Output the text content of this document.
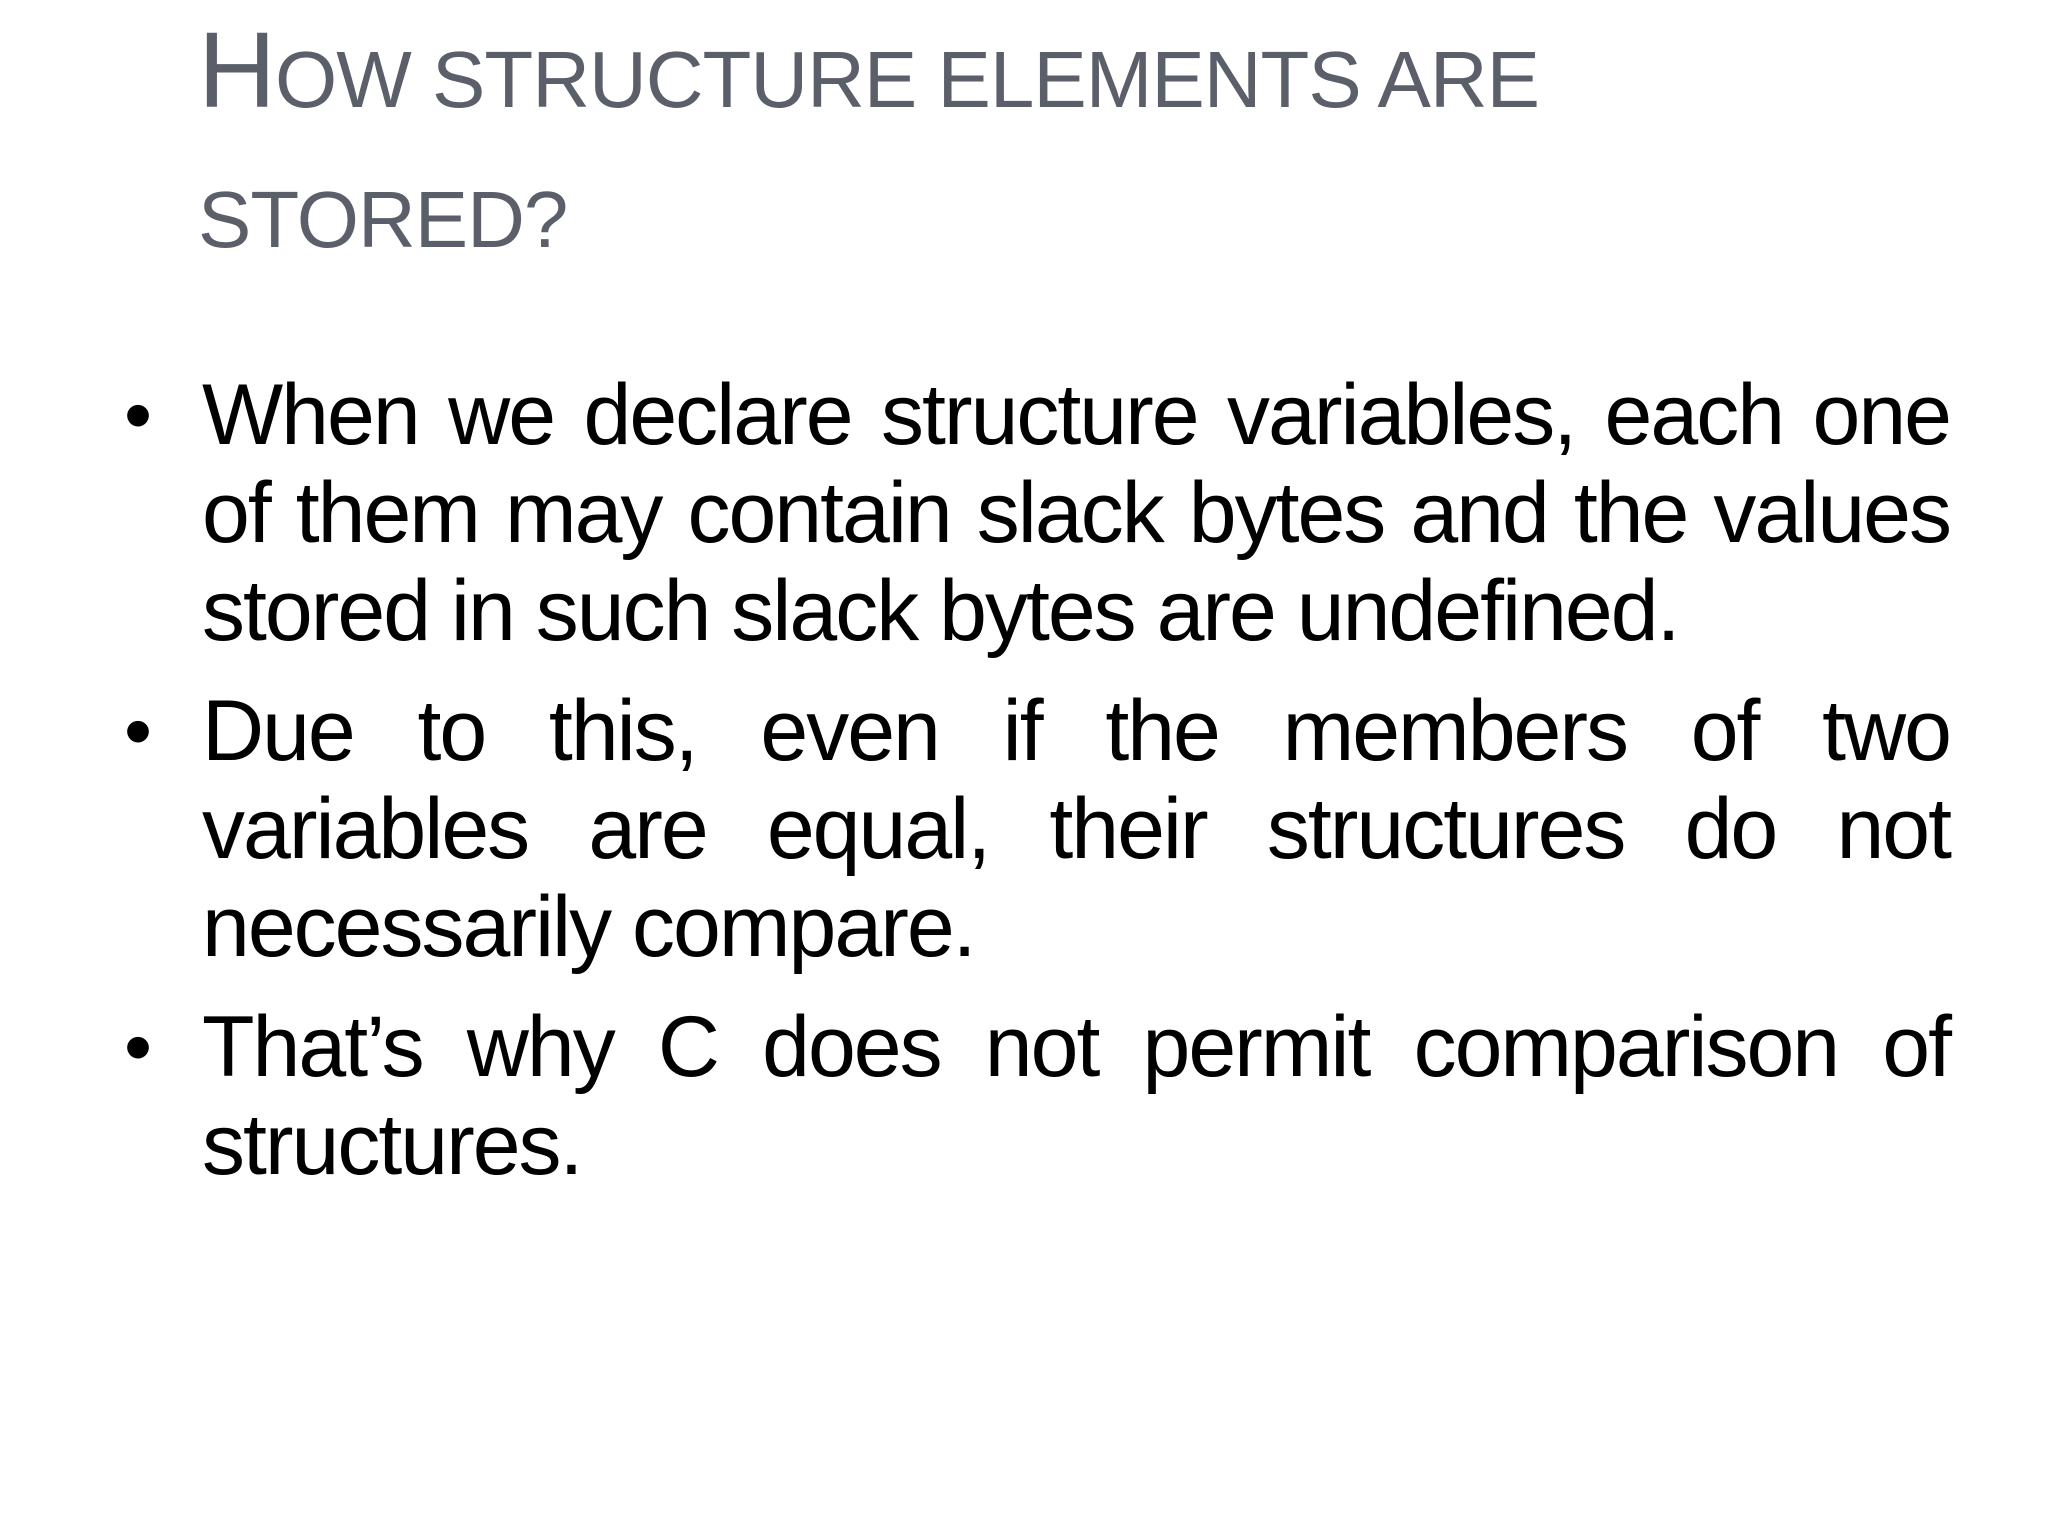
HOW STRUCTURE ELEMENTS ARE STORED?
• When we declare structure variables, each one of them may contain slack bytes and the values stored in such slack bytes are undefined.
• Due to this, even if the members of two variables are equal, their structures do not necessarily compare.
• That’s why C does not permit comparison of structures.
